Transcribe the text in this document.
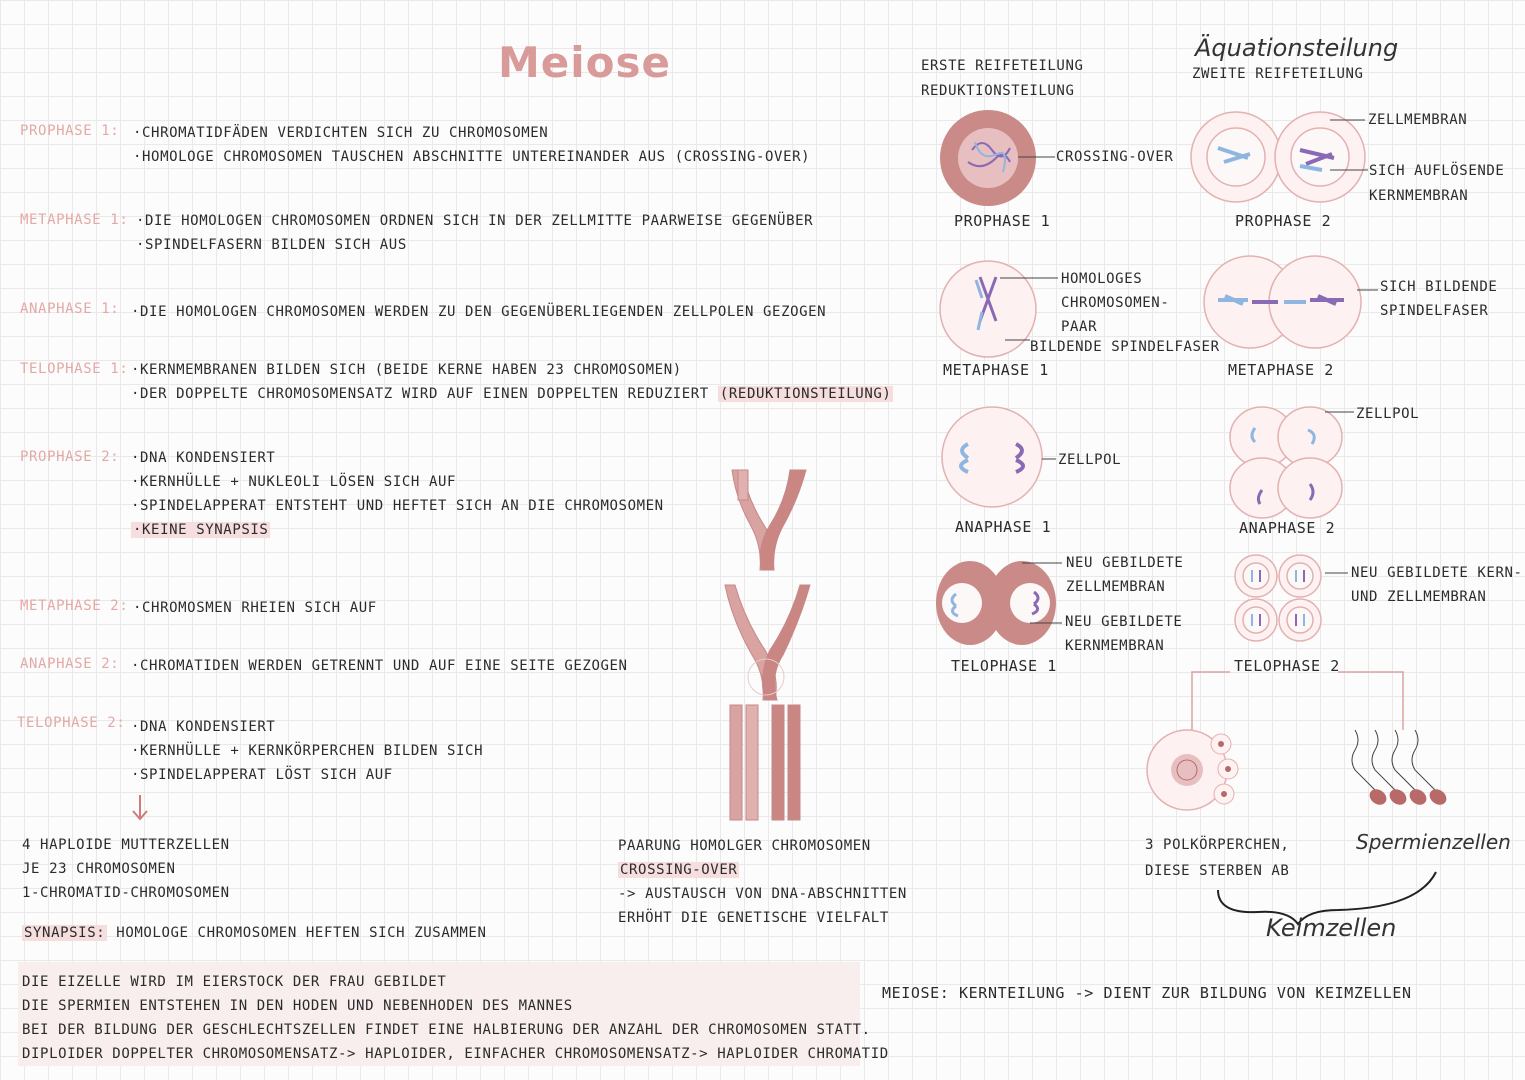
Meiose
PROPHASE 1: ·CHROMATIDFÄDEN VERDICHTEN SICH ZU CHROMOSOMEN
·HOMOLOGE CHROMOSOMEN TAUSCHEN ABSCHNITTE UNTEREINANDER AUS (CROSSING-OVER)
METAPHASE 1: ·DIE HOMOLOGEN CHROMOSOMEN ORDNEN SICH IN DER ZELLMITTE PAARWEISE GEGENÜBER
·SPINDELFASERN BILDEN SICH AUS
ANAPHASE 1: ·DIE HOMOLOGEN CHROMOSOMEN WERDEN ZU DEN GEGENÜBERLIEGENDEN ZELLPOLEN GEZOGEN
TELOPHASE 1: ·KERNMEMBRANEN BILDEN SICH (BEIDE KERNE HABEN 23 CHROMOSOMEN)
·DER DOPPELTE CHROMOSOMENSATZ WIRD AUF EINEN DOPPELTEN REDUZIERT (REDUKTIONSTEILUNG)
PROPHASE 2: ·DNA KONDENSIERT
·KERNHÜLLE + NUKLEOLI LÖSEN SICH AUF
·SPINDELAPPERAT ENTSTEHT UND HEFTET SICH AN DIE CHROMOSOMEN
·KEINE SYNAPSIS
METAPHASE 2: ·CHROMOSMEN RHEIEN SICH AUF
ANAPHASE 2: ·CHROMATIDEN WERDEN GETRENNT UND AUF EINE SEITE GEZOGEN
TELOPHASE 2: ·DNA KONDENSIERT
·KERNHÜLLE + KERNKÖRPERCHEN BILDEN SICH
·SPINDELAPPERAT LÖST SICH AUF
4 HAPLOIDE MUTTERZELLEN
JE 23 CHROMOSOMEN
1-CHROMATID-CHROMOSOMEN
SYNAPSIS: HOMOLOGE CHROMOSOMEN HEFTEN SICH ZUSAMMEN
PAARUNG HOMOLGER CHROMOSOMEN
CROSSING-OVER
-> AUSTAUSCH VON DNA-ABSCHNITTEN
ERHÖHT DIE GENETISCHE VIELFALT
DIE EIZELLE WIRD IM EIERSTOCK DER FRAU GEBILDET
DIE SPERMIEN ENTSTEHEN IN DEN HODEN UND NEBENHODEN DES MANNES
BEI DER BILDUNG DER GESCHLECHTSZELLEN FINDET EINE HALBIERUNG DER ANZAHL DER CHROMOSOMEN STATT.
DIPLOIDER DOPPELTER CHROMOSOMENSATZ-> HAPLOIDER, EINFACHER CHROMOSOMENSATZ-> HAPLOIDER CHROMATID
MEIOSE: KERNTEILUNG -> DIENT ZUR BILDUNG VON KEIMZELLEN
ERSTE REIFETEILUNG
REDUKTIONSTEILUNG
Äquationsteilung
ZWEITE REIFETEILUNG
CROSSING-OVER
PROPHASE 1	PROPHASE 2
ZELLMEMBRAN
SICH AUFLÖSENDE
KERNMEMBRAN
HOMOLOGES
CHROMOSOMEN-
PAAR
BILDENDE SPINDELFASER
METAPHASE 1	METAPHASE 2
SICH BILDENDE
SPINDELFASER
ZELLPOL
ZELLPOL
ANAPHASE 1	ANAPHASE 2
NEU GEBILDETE
ZELLMEMBRAN
NEU GEBILDETE
KERNMEMBRAN
NEU GEBILDETE KERN-
UND ZELLMEMBRAN
TELOPHASE 1	TELOPHASE 2
3 POLKÖRPERCHEN,
DIESE STERBEN AB
Spermienzellen
Keimzellen
